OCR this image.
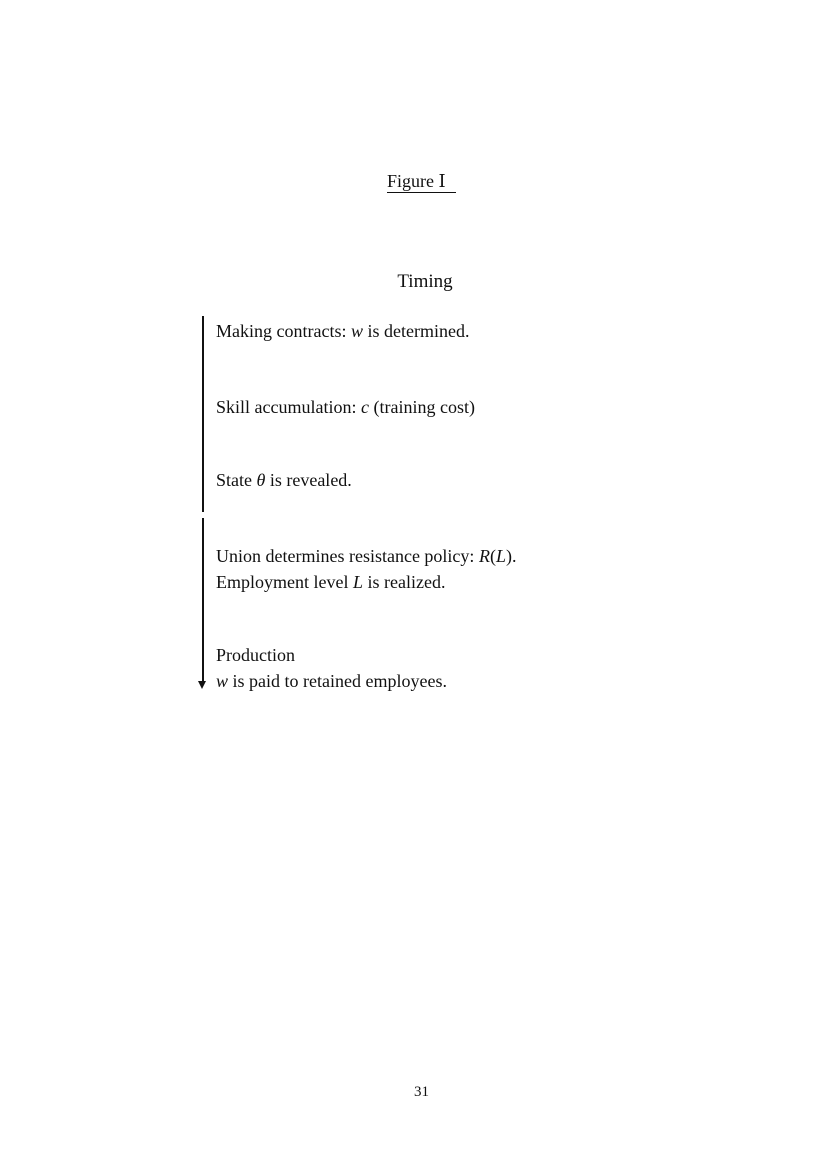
Figure Ⅰ
Timing
Making contracts: w is determined.
Skill accumulation: c (training cost)
State θ is revealed.
Union determines resistance policy: R(L).
Employment level L is realized.
Production
w is paid to retained employees.
31
